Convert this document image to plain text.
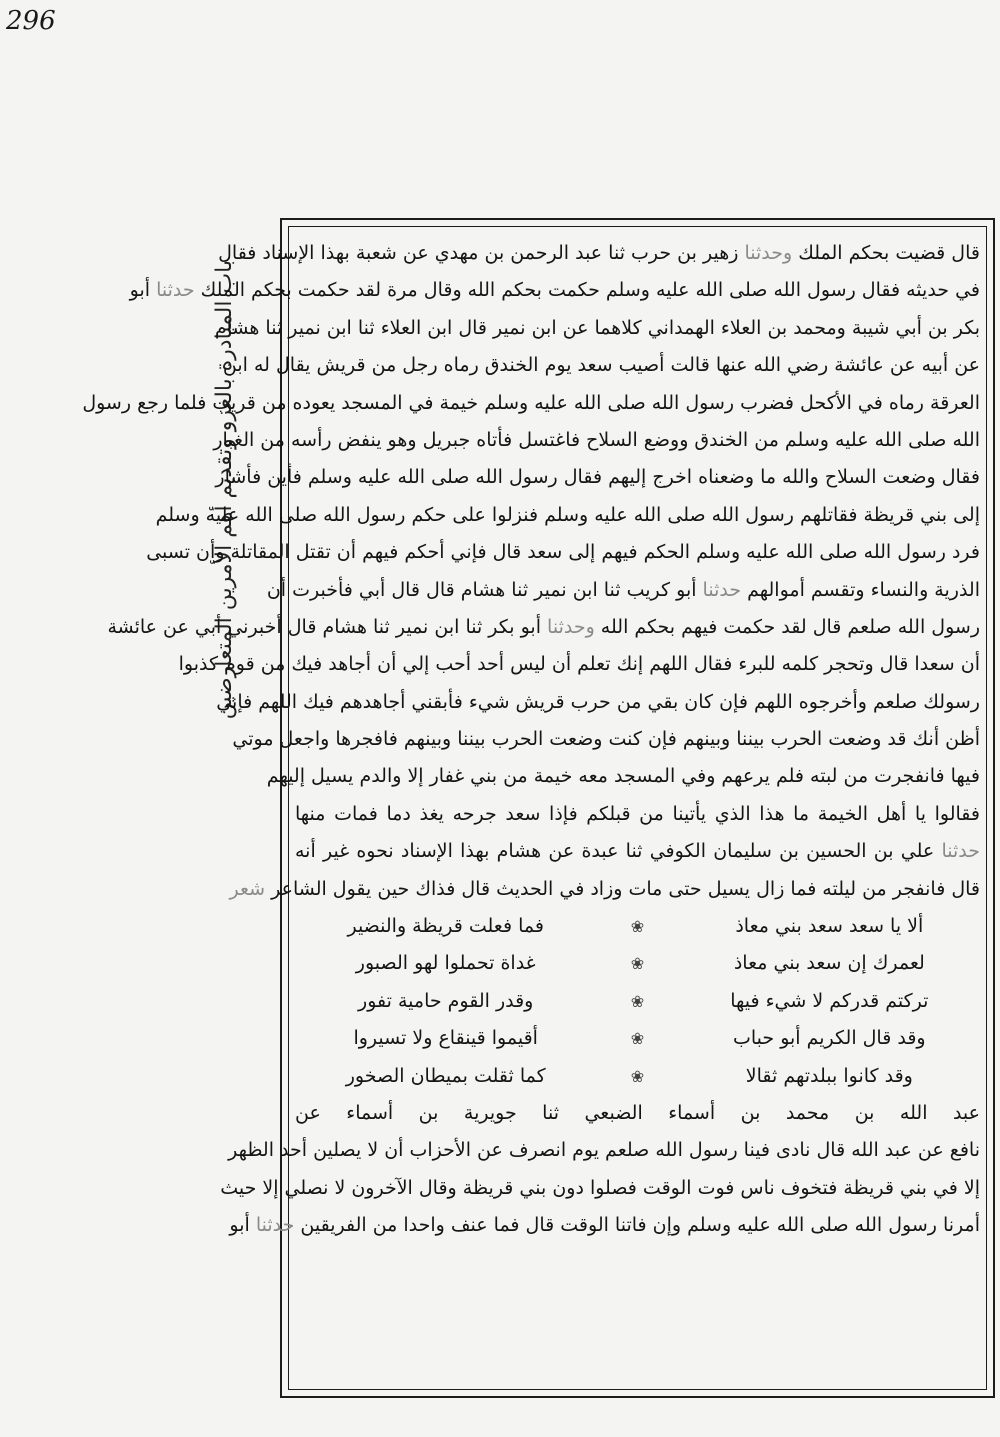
296
باب المبادرة بالغزو وتقديم أهم الأمرين المتعارضين
قال قضيت بحكم الملك وحدثنا زهير بن حرب ثنا عبد الرحمن بن مهدي عن شعبة بهذا الإسناد فقال
في حديثه فقال رسول الله صلى الله عليه وسلم حكمت بحكم الله وقال مرة لقد حكمت بحكم الملك حدثنا أبو
بكر بن أبي شيبة ومحمد بن العلاء الهمداني كلاهما عن ابن نمير قال ابن العلاء ثنا ابن نمير ثنا هشام
عن أبيه عن عائشة رضي الله عنها قالت أصيب سعد يوم الخندق رماه رجل من قريش يقال له ابن
العرقة رماه في الأكحل فضرب رسول الله صلى الله عليه وسلم خيمة في المسجد يعوده من قريب فلما رجع رسول
الله صلى الله عليه وسلم من الخندق ووضع السلاح فاغتسل فأتاه جبريل وهو ينفض رأسه من الغبار
فقال وضعت السلاح والله ما وضعناه اخرج إليهم فقال رسول الله صلى الله عليه وسلم فأين فأشار
إلى بني قريظة فقاتلهم رسول الله صلى الله عليه وسلم فنزلوا على حكم رسول الله صلى الله عليه وسلم
فرد رسول الله صلى الله عليه وسلم الحكم فيهم إلى سعد قال فإني أحكم فيهم أن تقتل المقاتلة وأن تسبى
الذرية والنساء وتقسم أموالهم حدثنا أبو كريب ثنا ابن نمير ثنا هشام قال قال أبي فأخبرت أن
رسول الله صلعم قال لقد حكمت فيهم بحكم الله وحدثنا أبو بكر ثنا ابن نمير ثنا هشام قال أخبرني أبي عن عائشة
أن سعدا قال وتحجر كلمه للبرء فقال اللهم إنك تعلم أن ليس أحد أحب إلي أن أجاهد فيك من قوم كذبوا
رسولك صلعم وأخرجوه اللهم فإن كان بقي من حرب قريش شيء فأبقني أجاهدهم فيك اللهم فإني
أظن أنك قد وضعت الحرب بيننا وبينهم فإن كنت وضعت الحرب بيننا وبينهم فافجرها واجعل موتي
فيها فانفجرت من لبته فلم يرعهم وفي المسجد معه خيمة من بني غفار إلا والدم يسيل إليهم
فقالوا يا أهل الخيمة ما هذا الذي يأتينا من قبلكم فإذا سعد جرحه يغذ دما فمات منها
حدثنا علي بن الحسين بن سليمان الكوفي ثنا عبدة عن هشام بهذا الإسناد نحوه غير أنه
قال فانفجر من ليلته فما زال يسيل حتى مات وزاد في الحديث قال فذاك حين يقول الشاعر شعر
ألا يا سعد سعد بني معاذ
❀
فما فعلت قريظة والنضير
لعمرك إن سعد بني معاذ
❀
غداة تحملوا لهو الصبور
تركتم قدركم لا شيء فيها
❀
وقدر القوم حامية تفور
وقد قال الكريم أبو حباب
❀
أقيموا قينقاع ولا تسيروا
وقد كانوا ببلدتهم ثقالا
❀
كما ثقلت بميطان الصخور
عبد الله بن محمد بن أسماء الضبعي ثنا جويرية بن أسماء عن
نافع عن عبد الله قال نادى فينا رسول الله صلعم يوم انصرف عن الأحزاب أن لا يصلين أحد الظهر
إلا في بني قريظة فتخوف ناس فوت الوقت فصلوا دون بني قريظة وقال الآخرون لا نصلي إلا حيث
أمرنا رسول الله صلى الله عليه وسلم وإن فاتنا الوقت قال فما عنف واحدا من الفريقين حدثنا أبو
